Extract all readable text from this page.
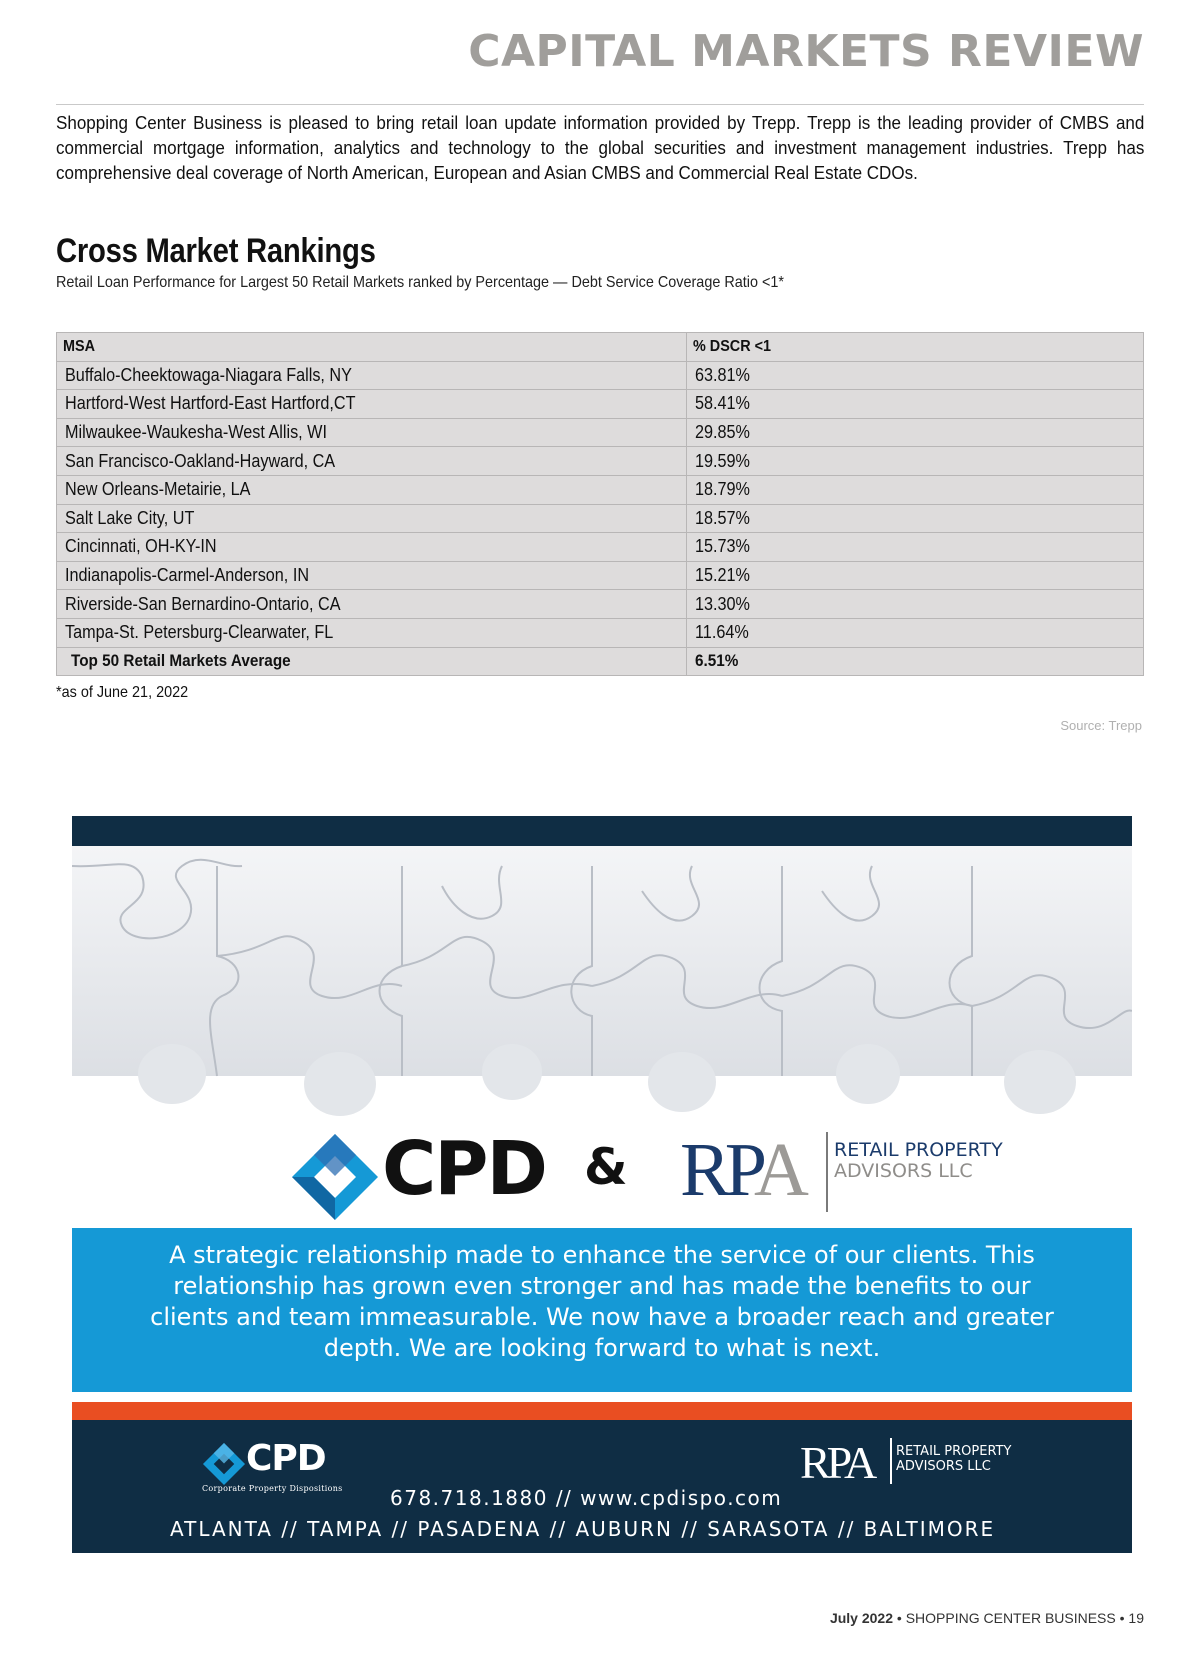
CAPITAL MARKETS REVIEW

Shopping Center Business is pleased to bring retail loan update information provided by Trepp. Trepp is the leading provider of CMBS and commercial mortgage information, analytics and technology to the global securities and investment management industries. Trepp has comprehensive deal coverage of North American, European and Asian CMBS and Commercial Real Estate CDOs.

Cross Market Rankings
Retail Loan Performance for Largest 50 Retail Markets ranked by Percentage — Debt Service Coverage Ratio <1*
MSA	% DSCR <1
Buffalo-Cheektowaga-Niagara Falls, NY	63.81%
Hartford-West Hartford-East Hartford,CT	58.41%
Milwaukee-Waukesha-West Allis, WI	29.85%
San Francisco-Oakland-Hayward, CA	19.59%
New Orleans-Metairie, LA	18.79%
Salt Lake City, UT	18.57%
Cincinnati, OH-KY-IN	15.73%
Indianapolis-Carmel-Anderson, IN	15.21%
Riverside-San Bernardino-Ontario, CA	13.30%
Tampa-St. Petersburg-Clearwater, FL	11.64%
Top 50 Retail Markets Average	6.51%
*as of June 21, 2022
Source: Trepp
CPD & RPA RETAIL PROPERTY
ADVISORS LLC
A strategic relationship made to enhance the service of our clients. This relationship has grown even stronger and has made the benefits to our clients and team immeasurable. We now have a broader reach and greater depth. We are looking forward to what is next.
CPD
Corporate Property Dispositions 678.718.1880 // www.cpdispo.com
ATLANTA // TAMPA // PASADENA // AUBURN // SARASOTA // BALTIMORE
RPA RETAIL PROPERTY
ADVISORS LLC
July 2022 • SHOPPING CENTER BUSINESS • 19
